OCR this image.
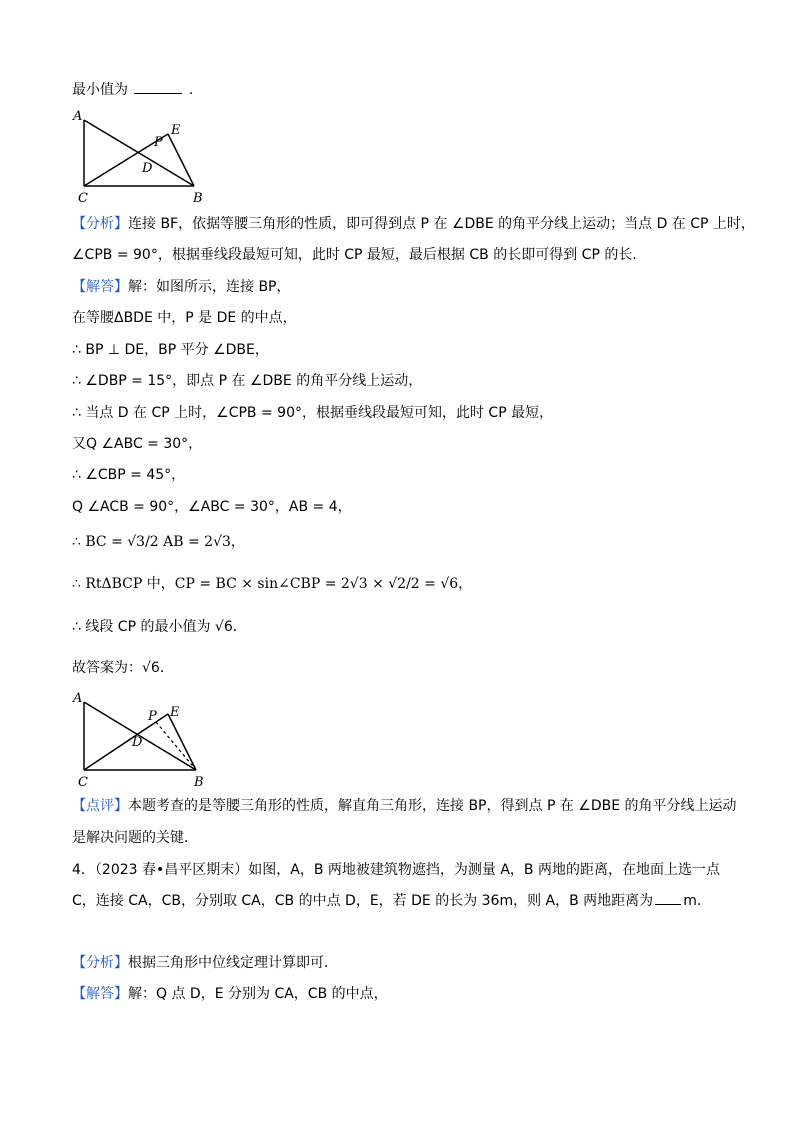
最小值为	.
A
E
P
D
C	B
【分析】连接 BF，依据等腰三角形的性质，即可得到点 P 在 ∠DBE 的角平分线上运动；当点 D 在 CP 上时，
∠CPB = 90°，根据垂线段最短可知，此时 CP 最短，最后根据 CB 的长即可得到 CP 的长．
【解答】解：如图所示，连接 BP，
在等腰ΔBDE 中，P 是 DE 的中点，
∴ BP ⊥ DE，BP 平分 ∠DBE，
∴ ∠DBP = 15°，即点 P 在 ∠DBE 的角平分线上运动，
∴ 当点 D 在 CP 上时，∠CPB = 90°，根据垂线段最短可知，此时 CP 最短，
又Q ∠ABC = 30°，
∴ ∠CBP = 45°，
Q ∠ACB = 90°，∠ABC = 30°，AB = 4，
∴ BC = √3/2 AB = 2√3，
∴ RtΔBCP 中，CP = BC × sin∠CBP = 2√3 × √2/2 = √6，
∴ 线段 CP 的最小值为 √6．
故答案为：√6．
A
E
P
D
C	B
【点评】本题考查的是等腰三角形的性质，解直角三角形，连接 BP，得到点 P 在 ∠DBE 的角平分线上运动
是解决问题的关键．
4．（2023 春•昌平区期末）如图，A，B 两地被建筑物遮挡，为测量 A，B 两地的距离，在地面上选一点
C，连接 CA，CB，分别取 CA，CB 的中点 D，E，若 DE 的长为 36m，则 A，B 两地距离为 m．
【分析】根据三角形中位线定理计算即可．
【解答】解：Q 点 D，E 分别为 CA，CB 的中点，
